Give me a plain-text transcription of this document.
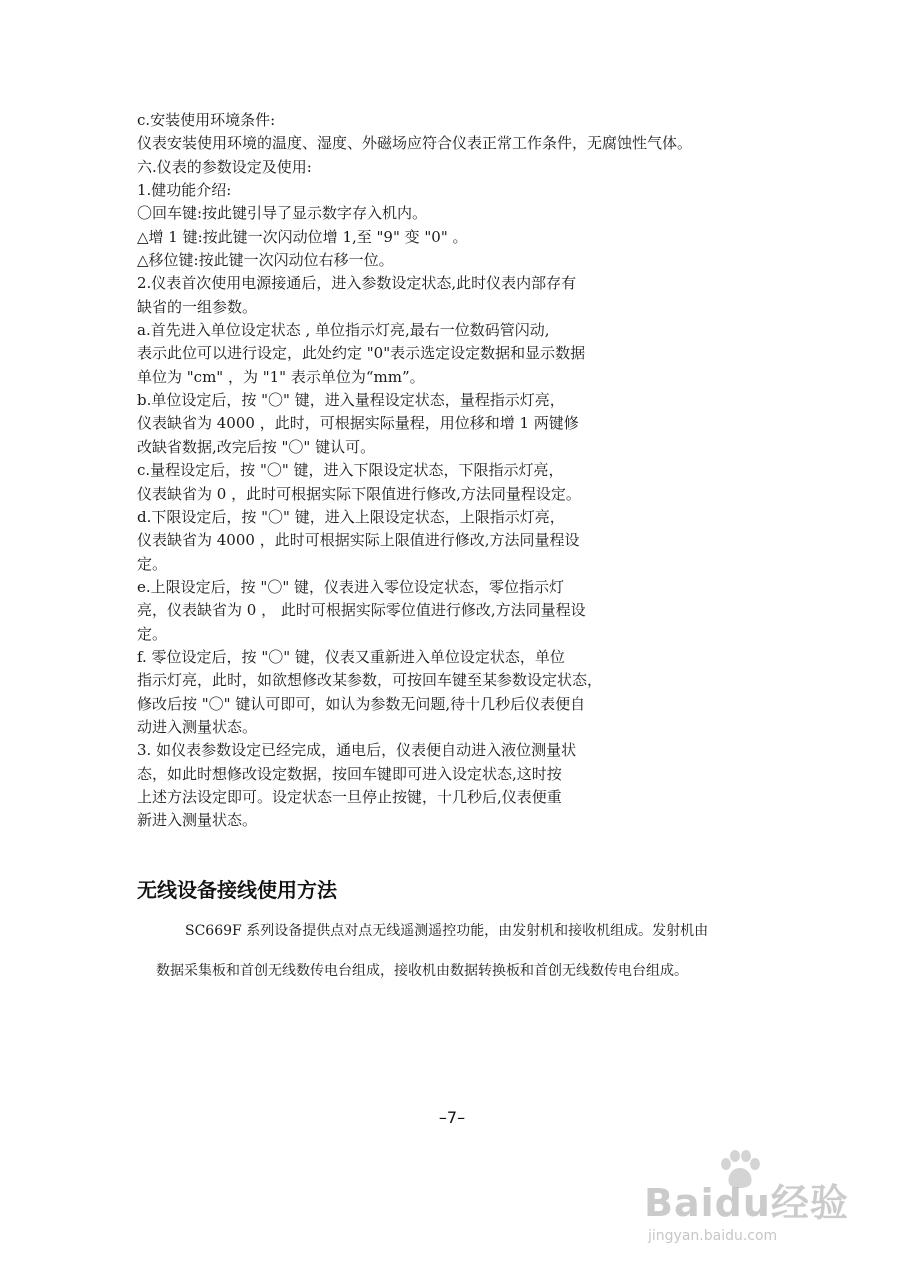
c.安装使用环境条件:
仪表安装使用环境的温度、湿度、外磁场应符合仪表正常工作条件，无腐蚀性气体。
六.仪表的参数设定及使用:
1.健功能介绍:
〇回车键:按此键引导了显示数字存入机内。
△增 1 键:按此键一次闪动位增 1,至 "9" 变 "0" 。
△移位键:按此键一次闪动位右移一位。
2.仪表首次使用电源接通后，进入参数设定状态,此时仪表内部存有
缺省的一组参数。
a.首先进入单位设定状态 , 单位指示灯亮,最右一位数码管闪动,
表示此位可以进行设定，此处约定 "0"表示选定设定数据和显示数据
单位为 "cm" ，为 "1" 表示单位为“mm”。
b.单位设定后，按 "〇" 键，进入量程设定状态，量程指示灯亮，
仪表缺省为 4000 ，此时，可根据实际量程，用位移和增 1 两键修
改缺省数据,改完后按 "〇" 键认可。
c.量程设定后，按 "〇" 键，进入下限设定状态，下限指示灯亮，
仪表缺省为 0 ，此时可根据实际下限值进行修改,方法同量程设定。
d.下限设定后，按 "〇" 键，进入上限设定状态，上限指示灯亮，
仪表缺省为 4000 ，此时可根据实际上限值进行修改,方法同量程设
定。
e.上限设定后，按 "〇" 键，仪表进入零位设定状态，零位指示灯
亮，仪表缺省为 0 ， 此时可根据实际零位值进行修改,方法同量程设
定。
f. 零位设定后，按 "〇" 键，仪表又重新进入单位设定状态，单位
指示灯亮，此时，如欲想修改某参数，可按回车键至某参数设定状态，
修改后按 "〇" 键认可即可，如认为参数无问题,待十几秒后仪表便自
动进入测量状态。
3. 如仪表参数设定已经完成，通电后，仪表便自动进入液位测量状
态，如此时想修改设定数据，按回车键即可进入设定状态,这时按
上述方法设定即可。设定状态一旦停止按键，十几秒后,仪表便重
新进入测量状态。
无线设备接线使用方法
SC669F 系列设备提供点对点无线遥测遥控功能，由发射机和接收机组成。发射机由
数据采集板和首创无线数传电台组成，接收机由数据转换板和首创无线数传电台组成。
–7–
Baidu经验
jingyan.baidu.com
